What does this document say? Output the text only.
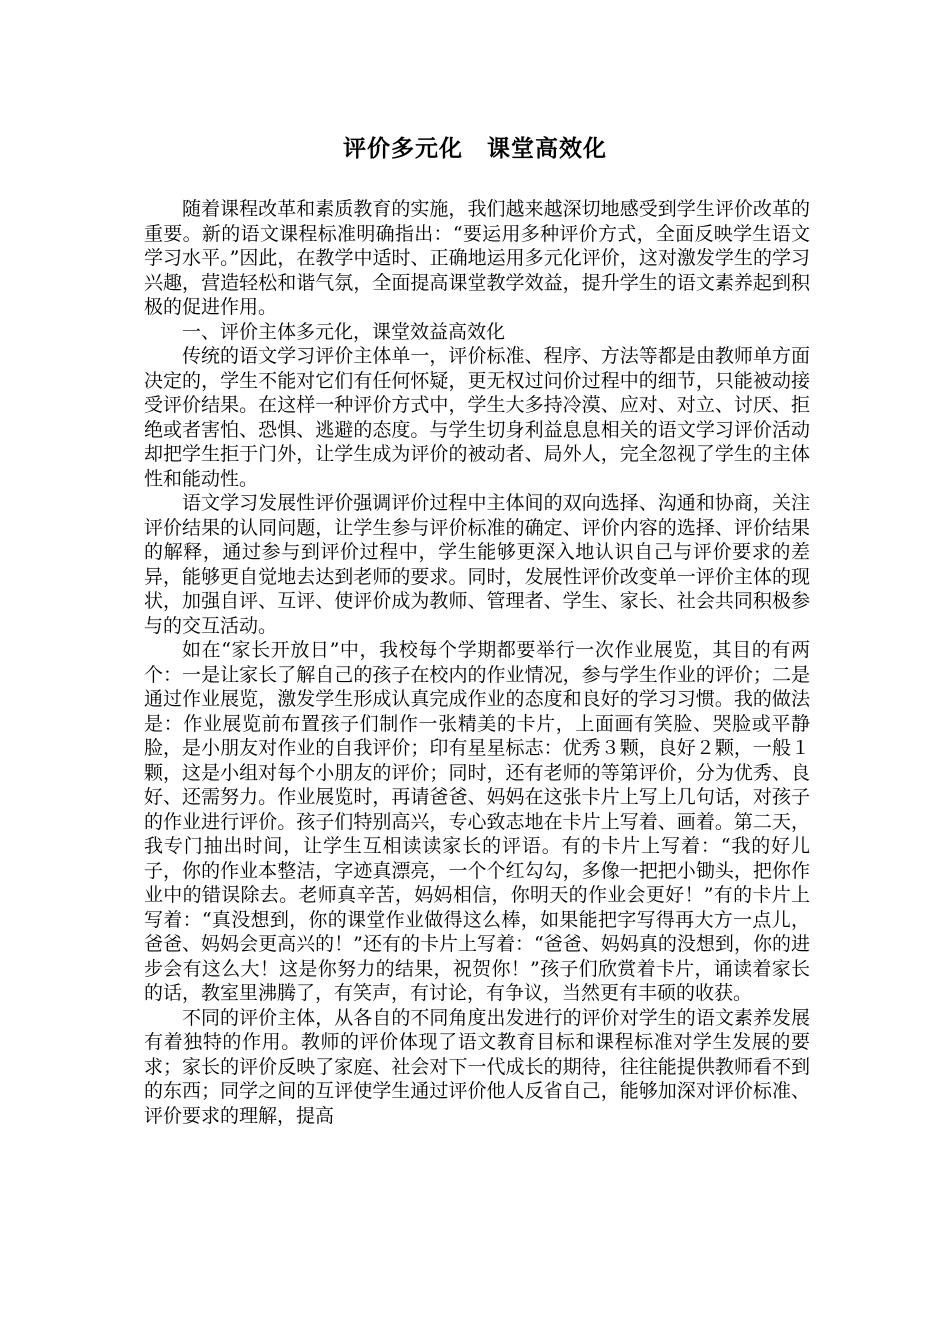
评价多元化　课堂高效化

随着课程改革和素质教育的实施，我们越来越深切地感受到学生评价改革的重要。新的语文课程标准明确指出：“要运用多种评价方式，全面反映学生语文学习水平。”因此，在教学中适时、正确地运用多元化评价，这对激发学生的学习兴趣，营造轻松和谐气氛，全面提高课堂教学效益，提升学生的语文素养起到积极的促进作用。

一、评价主体多元化，课堂效益高效化

传统的语文学习评价主体单一，评价标准、程序、方法等都是由教师单方面决定的，学生不能对它们有任何怀疑，更无权过问价过程中的细节，只能被动接受评价结果。在这样一种评价方式中，学生大多持冷漠、应对、对立、讨厌、拒绝或者害怕、恐惧、逃避的态度。与学生切身利益息息相关的语文学习评价活动却把学生拒于门外，让学生成为评价的被动者、局外人，完全忽视了学生的主体性和能动性。

语文学习发展性评价强调评价过程中主体间的双向选择、沟通和协商，关注评价结果的认同问题，让学生参与评价标准的确定、评价内容的选择、评价结果的解释，通过参与到评价过程中，学生能够更深入地认识自己与评价要求的差异，能够更自觉地去达到老师的要求。同时，发展性评价改变单一评价主体的现状，加强自评、互评、使评价成为教师、管理者、学生、家长、社会共同积极参与的交互活动。

如在“家长开放日”中，我校每个学期都要举行一次作业展览，其目的有两个：一是让家长了解自己的孩子在校内的作业情况，参与学生作业的评价；二是通过作业展览，激发学生形成认真完成作业的态度和良好的学习习惯。我的做法是：作业展览前布置孩子们制作一张精美的卡片，上面画有笑脸、哭脸或平静脸，是小朋友对作业的自我评价；印有星星标志：优秀３颗，良好２颗，一般１颗，这是小组对每个小朋友的评价；同时，还有老师的等第评价，分为优秀、良好、还需努力。作业展览时，再请爸爸、妈妈在这张卡片上写上几句话，对孩子的作业进行评价。孩子们特别高兴，专心致志地在卡片上写着、画着。第二天，我专门抽出时间，让学生互相读读家长的评语。有的卡片上写着：“我的好儿子，你的作业本整洁，字迹真漂亮，一个个红勾勾，多像一把把小锄头，把你作业中的错误除去。老师真辛苦，妈妈相信，你明天的作业会更好！”有的卡片上写着：“真没想到，你的课堂作业做得这么棒，如果能把字写得再大方一点儿，爸爸、妈妈会更高兴的！”还有的卡片上写着：“爸爸、妈妈真的没想到，你的进步会有这么大！这是你努力的结果，祝贺你！”孩子们欣赏着卡片，诵读着家长的话，教室里沸腾了，有笑声，有讨论，有争议，当然更有丰硕的收获。

不同的评价主体，从各自的不同角度出发进行的评价对学生的语文素养发展有着独特的作用。教师的评价体现了语文教育目标和课程标准对学生发展的要求；家长的评价反映了家庭、社会对下一代成长的期待，往往能提供教师看不到的东西；同学之间的互评使学生通过评价他人反省自己，能够加深对评价标准、评价要求的理解，提高
